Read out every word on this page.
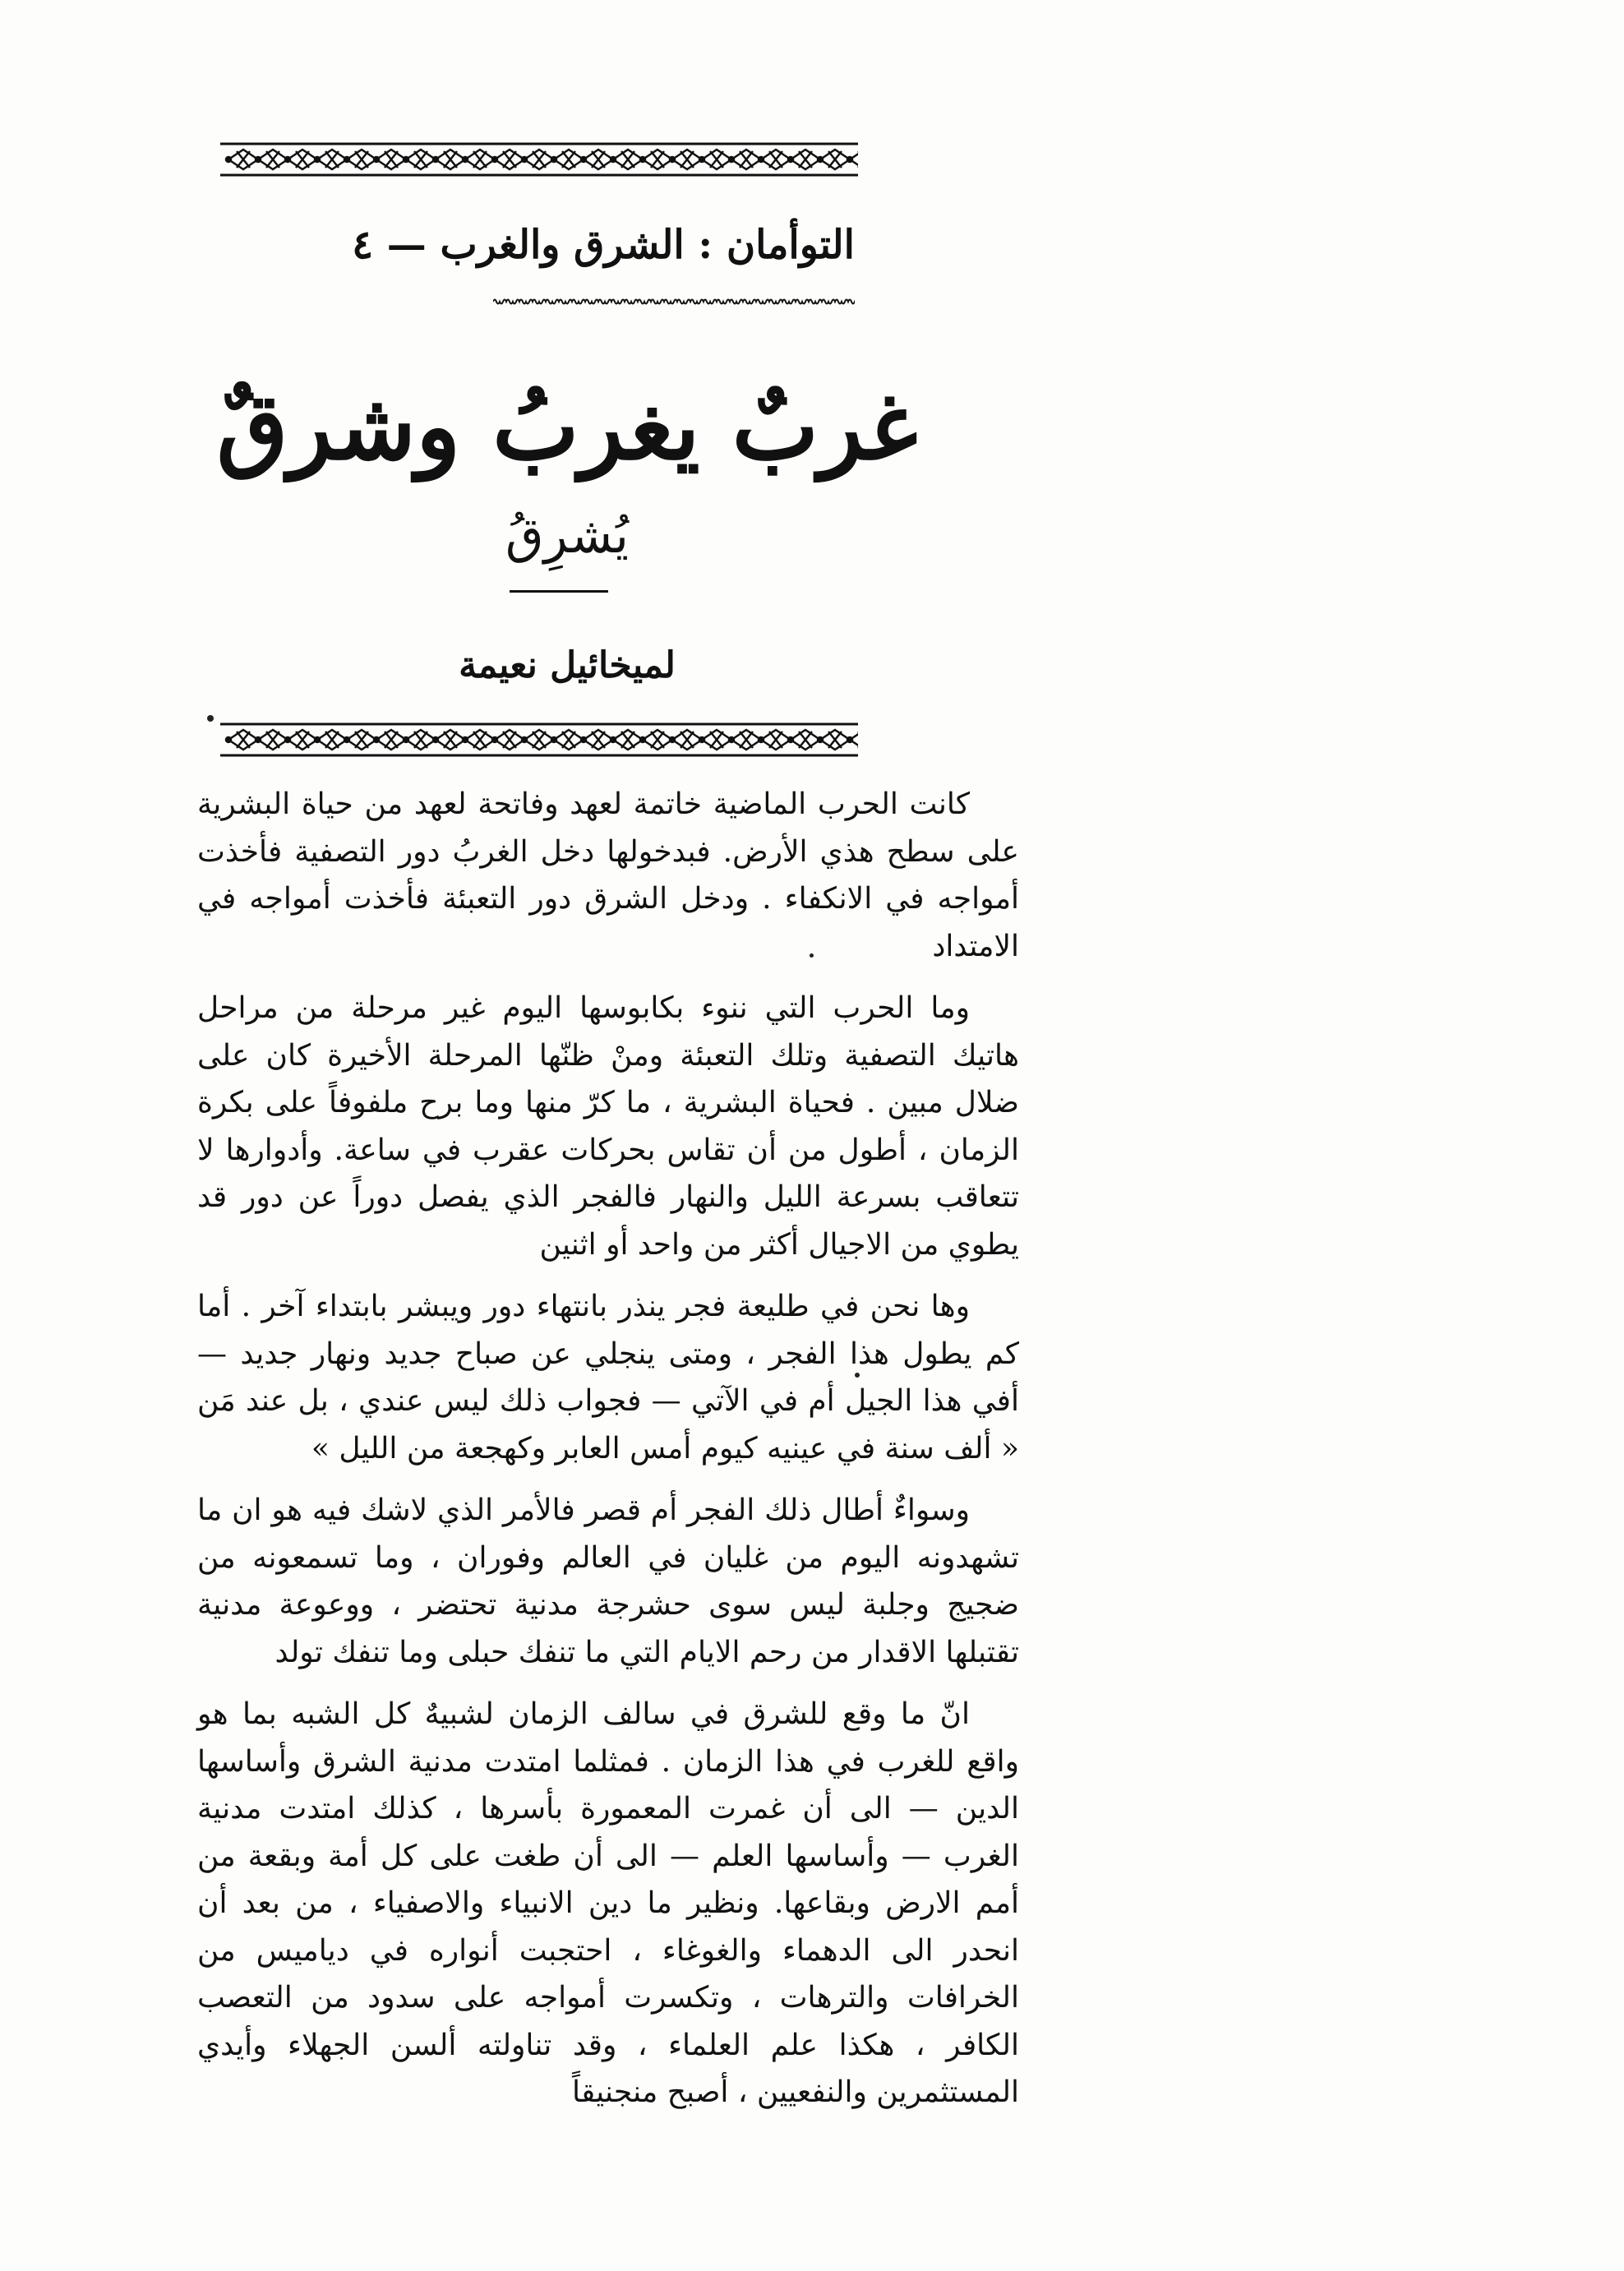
التوأمان : الشرق والغرب — ٤
غربٌ يغربُ وشرقٌ
يُشرِقُ
لميخائيل نعيمة

كانت الحرب الماضية خاتمة لعهد وفاتحة لعهد من حياة البشرية على سطح هذي الأرض. فبدخولها دخل الغربُ دور التصفية فأخذت أمواجه في الانكفاء . ودخل الشرق دور التعبئة فأخذت أمواجه في الامتداد

وما الحرب التي ننوء بكابوسها اليوم غير مرحلة من مراحل هاتيك التصفية وتلك التعبئة ومنْ ظنّها المرحلة الأخيرة كان على ضلال مبين . فحياة البشرية ، ما كرّ منها وما برح ملفوفاً على بكرة الزمان ، أطول من أن تقاس بحركات عقرب في ساعة. وأدوارها لا تتعاقب بسرعة الليل والنهار فالفجر الذي يفصل دوراً عن دور قد يطوي من الاجيال أكثر من واحد أو اثنين

وها نحن في طليعة فجر ينذر بانتهاء دور ويبشر بابتداء آخر . أما كم يطول هذا الفجر ، ومتى ينجلي عن صباح جديد ونهار جديد — أفي هذا الجيل أم في الآتي — فجواب ذلك ليس عندي ، بل عند مَن « ألف سنة في عينيه كيوم أمس العابر وكهجعة من الليل »

وسواءٌ أطال ذلك الفجر أم قصر فالأمر الذي لاشك فيه هو ان ما تشهدونه اليوم من غليان في العالم وفوران ، وما تسمعونه من ضجيج وجلبة ليس سوى حشرجة مدنية تحتضر ، ووعوعة مدنية تقتبلها الاقدار من رحم الايام التي ما تنفك حبلى وما تنفك تولد

انّ ما وقع للشرق في سالف الزمان لشبيهٌ كل الشبه بما هو واقع للغرب في هذا الزمان . فمثلما امتدت مدنية الشرق وأساسها الدين — الى أن غمرت المعمورة بأسرها ، كذلك امتدت مدنية الغرب — وأساسها العلم — الى أن طغت على كل أمة وبقعة من أمم الارض وبقاعها. ونظير ما دين الانبياء والاصفياء ، من بعد أن انحدر الى الدهماء والغوغاء ، احتجبت أنواره في دياميس من الخرافات والترهات ، وتكسرت أمواجه على سدود من التعصب الكافر ، هكذا علم العلماء ، وقد تناولته ألسن الجهلاء وأيدي المستثمرين والنفعيين ، أصبح منجنيقاً
